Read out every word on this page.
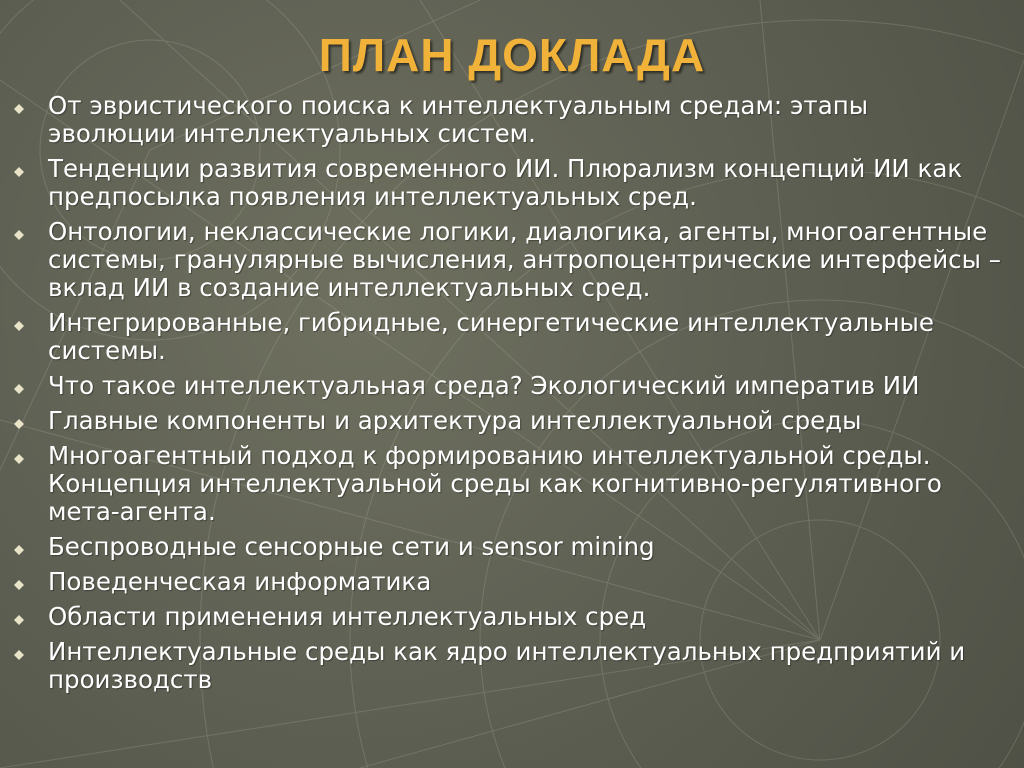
ПЛАН ДОКЛАДА
От эвристического поиска к интеллектуальным средам: этапы эволюции интеллектуальных систем.
Тенденции развития современного ИИ. Плюрализм концепций ИИ как предпосылка появления интеллектуальных сред.
Онтологии, неклассические логики, диалогика, агенты, многоагентные системы, гранулярные вычисления, антропоцентрические интерфейсы – вклад ИИ в создание интеллектуальных сред.
Интегрированные, гибридные, синергетические интеллектуальные системы.
Что такое интеллектуальная среда? Экологический императив ИИ
Главные компоненты и архитектура интеллектуальной среды
Многоагентный подход к формированию интеллектуальной среды. Концепция интеллектуальной среды как когнитивно-регулятивного мета-агента.
Беспроводные сенсорные сети и sensor mining
Поведенческая информатика
Области применения интеллектуальных сред
Интеллектуальные среды как ядро интеллектуальных предприятий и производств
